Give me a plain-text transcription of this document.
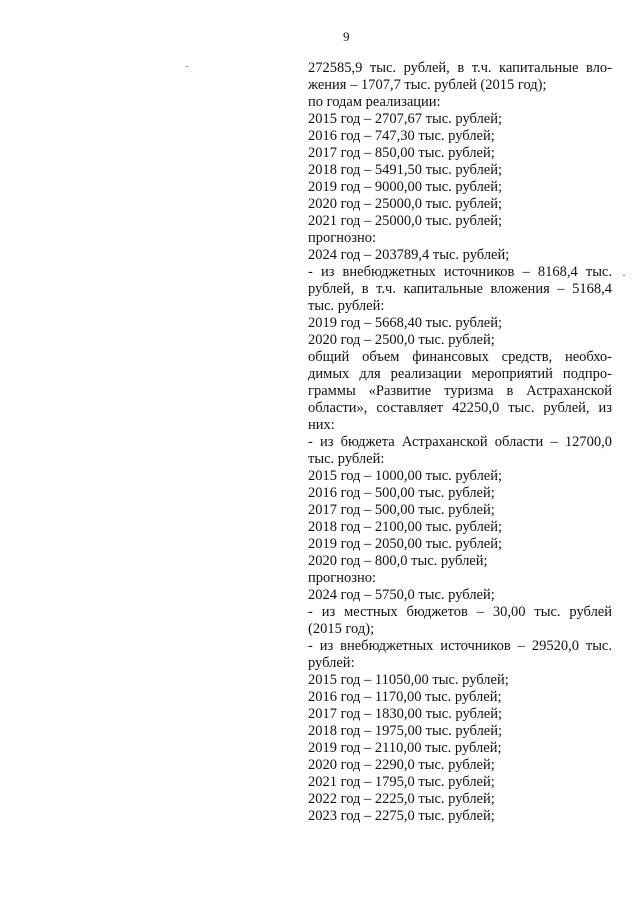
9
272585,9 тыс. рублей, в т.ч. капитальные вло-
жения – 1707,7 тыс. рублей (2015 год);
по годам реализации:
2015 год – 2707,67 тыс. рублей;
2016 год – 747,30 тыс. рублей;
2017 год – 850,00 тыс. рублей;
2018 год – 5491,50 тыс. рублей;
2019 год – 9000,00 тыс. рублей;
2020 год – 25000,0 тыс. рублей;
2021 год – 25000,0 тыс. рублей;
прогнозно:
2024 год – 203789,4 тыс. рублей;
- из внебюджетных источников – 8168,4 тыс.
рублей, в т.ч. капитальные вложения – 5168,4
тыс. рублей:
2019 год – 5668,40 тыс. рублей;
2020 год – 2500,0 тыс. рублей;
общий объем финансовых средств, необхо-
димых для реализации мероприятий подпро-
граммы «Развитие туризма в Астраханской
области», составляет 42250,0 тыс. рублей, из
них:
- из бюджета Астраханской области – 12700,0
тыс. рублей:
2015 год – 1000,00 тыс. рублей;
2016 год – 500,00 тыс. рублей;
2017 год – 500,00 тыс. рублей;
2018 год – 2100,00 тыс. рублей;
2019 год – 2050,00 тыс. рублей;
2020 год – 800,0 тыс. рублей;
прогнозно:
2024 год – 5750,0 тыс. рублей;
- из местных бюджетов – 30,00 тыс. рублей
(2015 год);
- из внебюджетных источников – 29520,0 тыс.
рублей:
2015 год – 11050,00 тыс. рублей;
2016 год – 1170,00 тыс. рублей;
2017 год – 1830,00 тыс. рублей;
2018 год – 1975,00 тыс. рублей;
2019 год – 2110,00 тыс. рублей;
2020 год – 2290,0 тыс. рублей;
2021 год – 1795,0 тыс. рублей;
2022 год – 2225,0 тыс. рублей;
2023 год – 2275,0 тыс. рублей;
